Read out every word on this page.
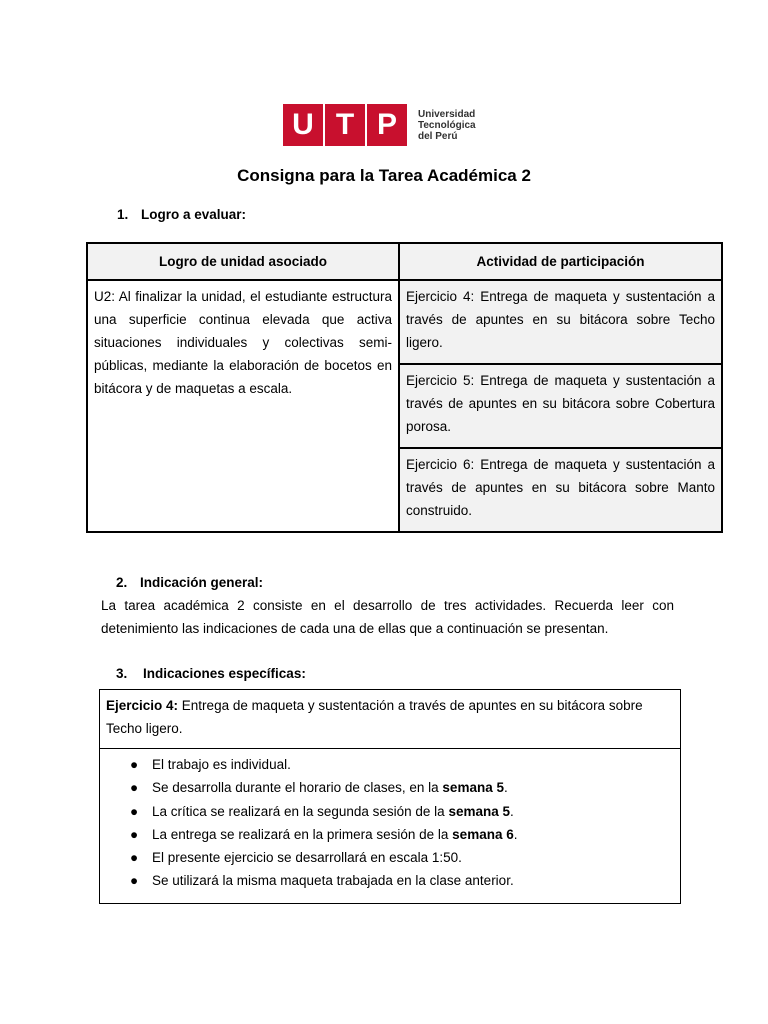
U T P	Universidad
Tecnológica
del Perú
Consigna para la Tarea Académica 2
1. Logro a evaluar:
Logro de unidad asociado	Actividad de participación
U2: Al finalizar la unidad, el estudiante estructura una superficie continua elevada que activa situaciones individuales y colectivas semi-públicas, mediante la elaboración de bocetos en bitácora y de maquetas a escala.	Ejercicio 4: Entrega de maqueta y sustentación a través de apuntes en su bitácora sobre Techo ligero.
	Ejercicio 5: Entrega de maqueta y sustentación a través de apuntes en su bitácora sobre Cobertura porosa.
	Ejercicio 6: Entrega de maqueta y sustentación a través de apuntes en su bitácora sobre Manto construido.
2. Indicación general:
La tarea académica 2 consiste en el desarrollo de tres actividades. Recuerda leer con detenimiento las indicaciones de cada una de ellas que a continuación se presentan.
3. Indicaciones específicas:
Ejercicio 4: Entrega de maqueta y sustentación a través de apuntes en su bitácora sobre Techo ligero.
● El trabajo es individual.
● Se desarrolla durante el horario de clases, en la semana 5.
● La crítica se realizará en la segunda sesión de la semana 5.
● La entrega se realizará en la primera sesión de la semana 6.
● El presente ejercicio se desarrollará en escala 1:50.
● Se utilizará la misma maqueta trabajada en la clase anterior.
